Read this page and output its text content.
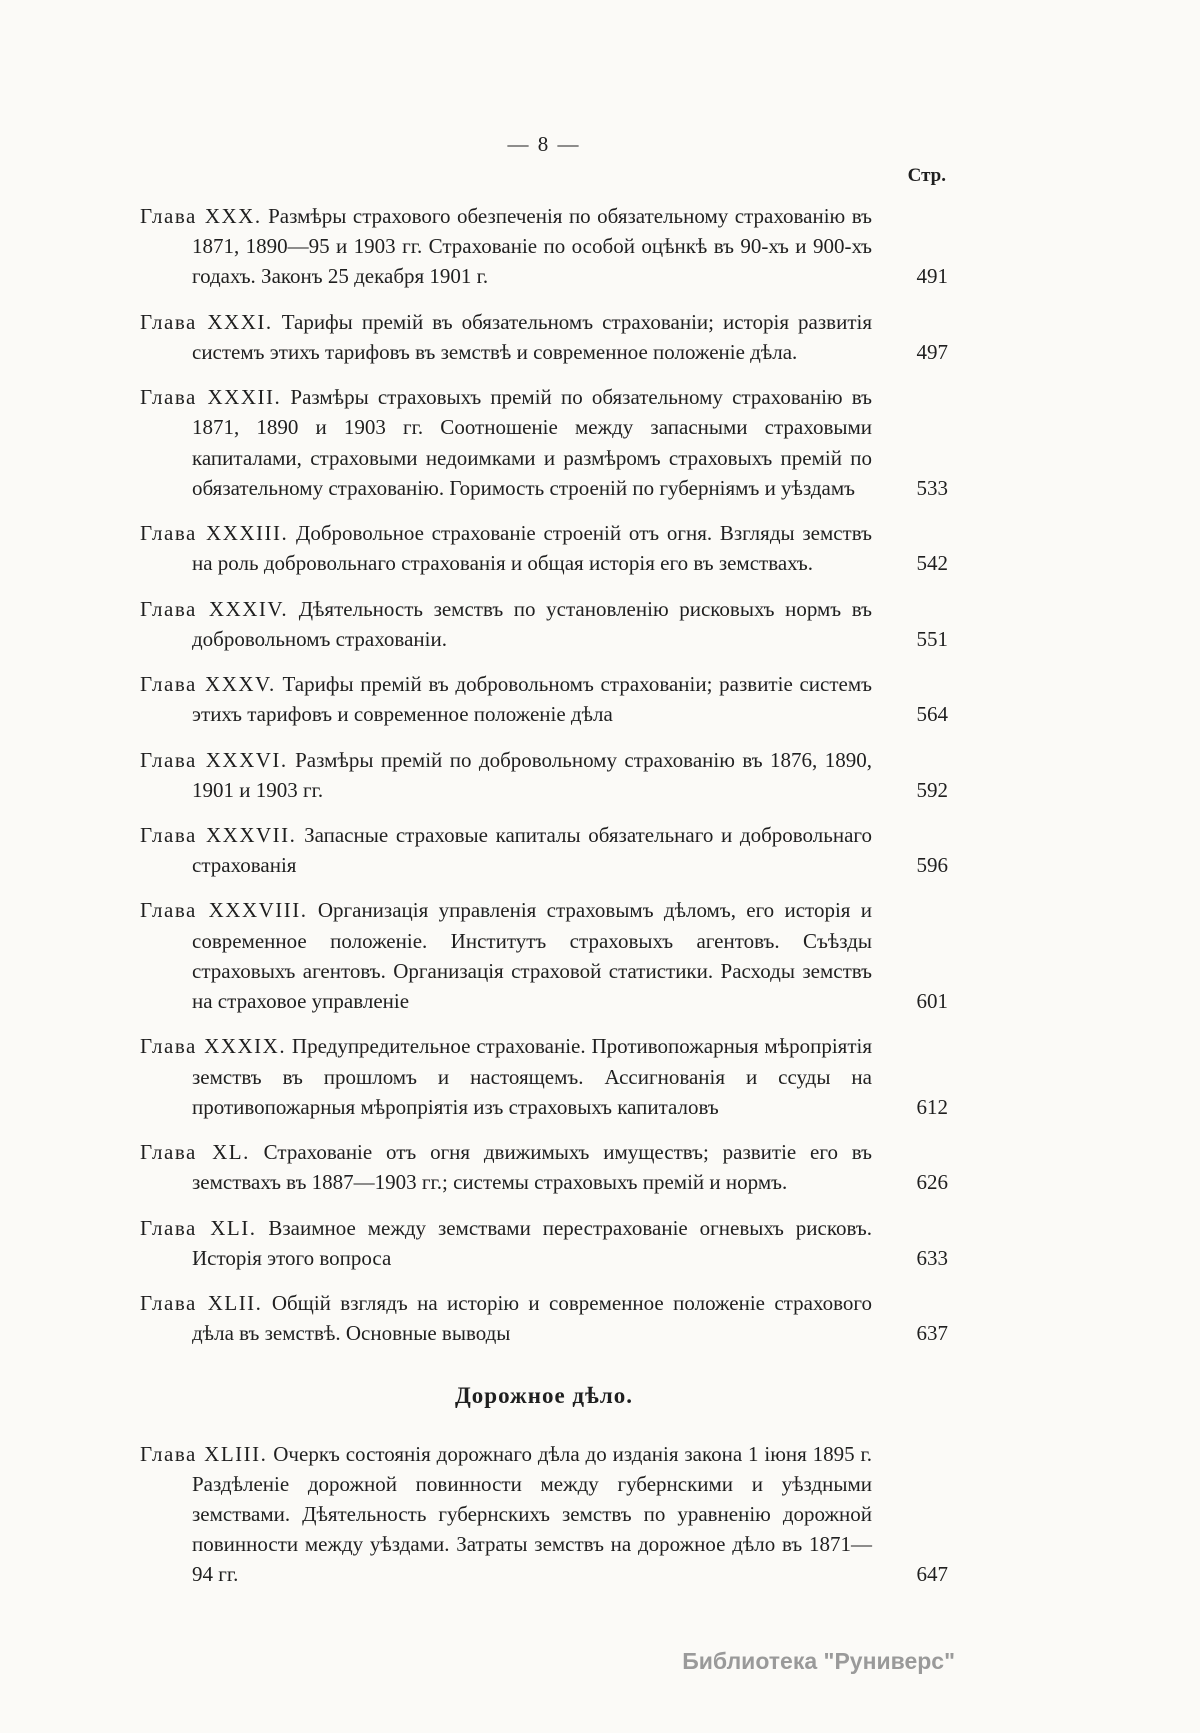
— 8 —
Стр.

Глава XXX. Размѣры страхового обезпеченія по обязательному страхованію въ 1871, 1890—95 и 1903 гг. Страхованіе по особой оцѣнкѣ въ 90-хъ и 900-хъ годахъ. Законъ 25 декабря 1901 г.	491

Глава XXXI. Тарифы премій въ обязательномъ страхованіи; исторія развитія системъ этихъ тарифовъ въ земствѣ и современное положеніе дѣла.	497

Глава XXXII. Размѣры страховыхъ премій по обязательному страхованію въ 1871, 1890 и 1903 гг. Соотношеніе между запасными страховыми капиталами, страховыми недоимками и размѣромъ страховыхъ премій по обязательному страхованію. Горимость строеній по губерніямъ и уѣздамъ	533

Глава XXXIII. Добровольное страхованіе строеній отъ огня. Взгляды земствъ на роль добровольнаго страхованія и общая исторія его въ земствахъ.	542

Глава XXXIV. Дѣятельность земствъ по установленію рисковыхъ нормъ въ добровольномъ страхованіи.	551

Глава XXXV. Тарифы премій въ добровольномъ страхованіи; развитіе системъ этихъ тарифовъ и современное положеніе дѣла	564

Глава XXXVI. Размѣры премій по добровольному страхованію въ 1876, 1890, 1901 и 1903 гг.	592

Глава XXXVII. Запасные страховые капиталы обязательнаго и добровольнаго страхованія	596

Глава XXXVIII. Организація управленія страховымъ дѣломъ, его исторія и современное положеніе. Институтъ страховыхъ агентовъ. Съѣзды страховыхъ агентовъ. Организація страховой статистики. Расходы земствъ на страховое управленіе	601

Глава XXXIX. Предупредительное страхованіе. Противопожарныя мѣропріятія земствъ въ прошломъ и настоящемъ. Ассигнованія и ссуды на противопожарныя мѣропріятія изъ страховыхъ капиталовъ	612

Глава XL. Страхованіе отъ огня движимыхъ имуществъ; развитіе его въ земствахъ въ 1887—1903 гг.; системы страховыхъ премій и нормъ.	626

Глава XLI. Взаимное между земствами перестрахованіе огневыхъ рисковъ. Исторія этого вопроса	633

Глава XLII. Общій взглядъ на исторію и современное положеніе страхового дѣла въ земствѣ. Основные выводы	637
Дорожное дѣло.

Глава XLIII. Очеркъ состоянія дорожнаго дѣла до изданія закона 1 іюня 1895 г. Раздѣленіе дорожной повинности между губернскими и уѣздными земствами. Дѣятельность губернскихъ земствъ по уравненію дорожной повинности между уѣздами. Затраты земствъ на дорожное дѣло въ 1871—94 гг.	647
Библиотека "Руниверс"
